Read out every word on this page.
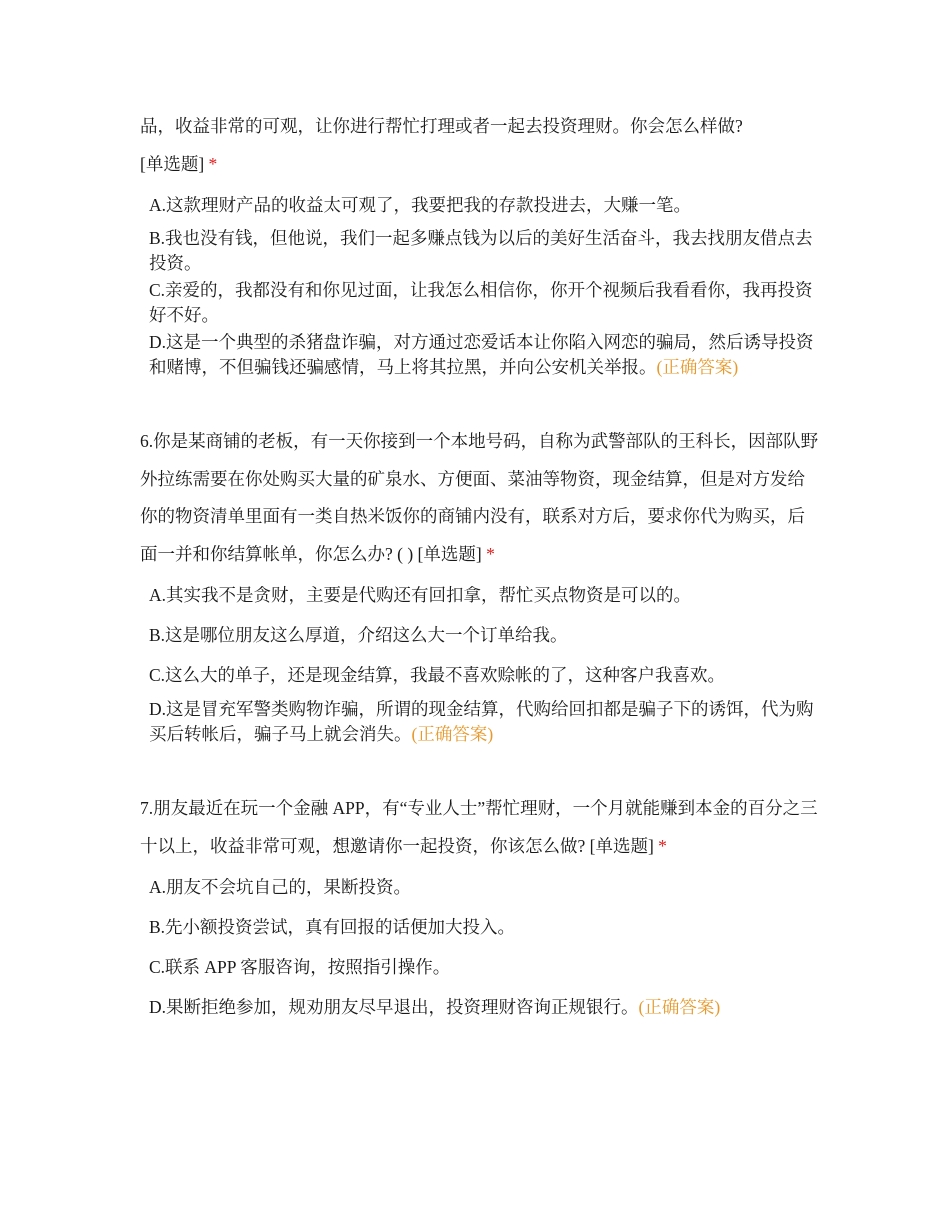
品，收益非常的可观，让你进行帮忙打理或者一起去投资理财。你会怎么样做?
[单选题] *

A.这款理财产品的收益太可观了，我要把我的存款投进去，大赚一笔。
B.我也没有钱，但他说，我们一起多赚点钱为以后的美好生活奋斗，我去找朋友借点去投资。
C.亲爱的，我都没有和你见过面，让我怎么相信你，你开个视频后我看看你，我再投资好不好。
D.这是一个典型的杀猪盘诈骗，对方通过恋爱话本让你陷入网恋的骗局，然后诱导投资和赌博，不但骗钱还骗感情，马上将其拉黑，并向公安机关举报。(正确答案)

6.你是某商铺的老板，有一天你接到一个本地号码，自称为武警部队的王科长，因部队野外拉练需要在你处购买大量的矿泉水、方便面、菜油等物资，现金结算，但是对方发给你的物资清单里面有一类自热米饭你的商铺内没有，联系对方后，要求你代为购买，后面一并和你结算帐单，你怎么办? ( ) [单选题] *

A.其实我不是贪财，主要是代购还有回扣拿，帮忙买点物资是可以的。
B.这是哪位朋友这么厚道，介绍这么大一个订单给我。
C.这么大的单子，还是现金结算，我最不喜欢赊帐的了，这种客户我喜欢。
D.这是冒充军警类购物诈骗，所谓的现金结算，代购给回扣都是骗子下的诱饵，代为购买后转帐后，骗子马上就会消失。(正确答案)

7.朋友最近在玩一个金融 APP，有“专业人士”帮忙理财，一个月就能赚到本金的百分之三十以上，收益非常可观，想邀请你一起投资，你该怎么做? [单选题] *

A.朋友不会坑自己的，果断投资。
B.先小额投资尝试，真有回报的话便加大投入。
C.联系 APP 客服咨询，按照指引操作。
D.果断拒绝参加，规劝朋友尽早退出，投资理财咨询正规银行。(正确答案)
